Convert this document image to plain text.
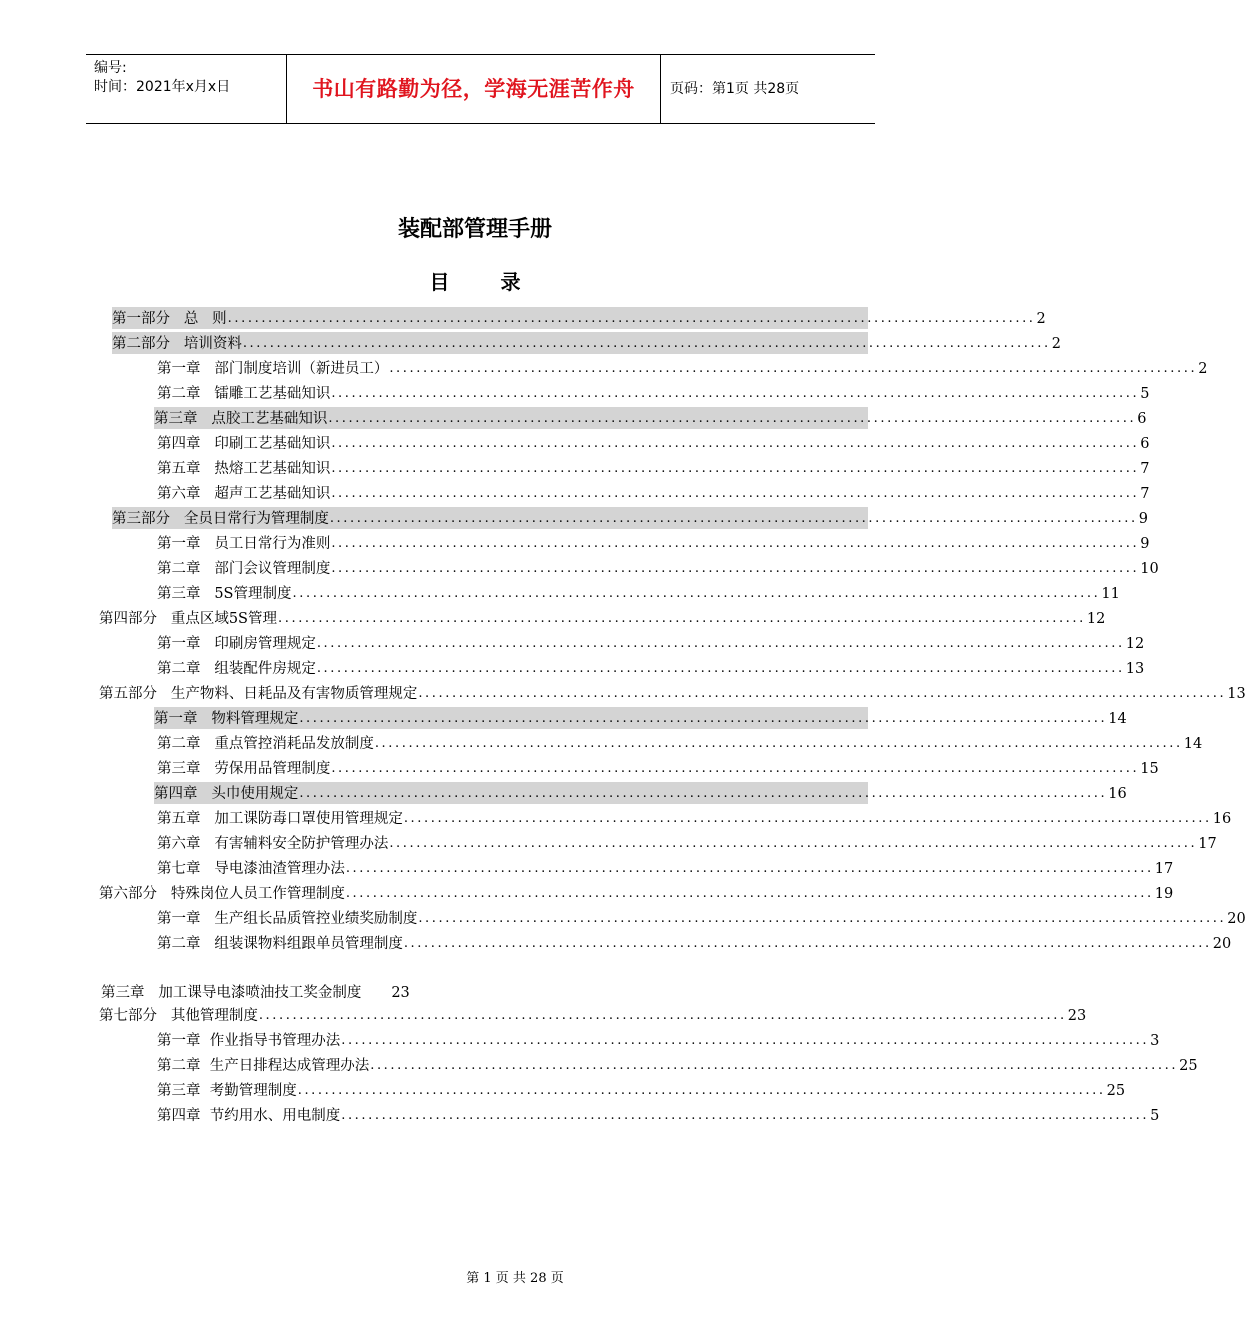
编号:
时间：2021年x月x日	书山有路勤为径，学海无涯苦作舟	页码：第1页 共28页
装配部管理手册
目 录
第一部分   总   则 ........................................................................................................................ 2
第二部分   培训资料 ........................................................................................................................ 2
第一章   部门制度培训（新进员工） ........................................................................................................................ 2
第二章   镭雕工艺基础知识 ........................................................................................................................ 5
第三章   点胶工艺基础知识 ........................................................................................................................ 6
第四章   印刷工艺基础知识 ........................................................................................................................ 6
第五章   热熔工艺基础知识 ........................................................................................................................ 7
第六章   超声工艺基础知识 ........................................................................................................................ 7
第三部分   全员日常行为管理制度 ........................................................................................................................ 9
第一章   员工日常行为准则 ........................................................................................................................ 9
第二章   部门会议管理制度 ........................................................................................................................ 10
第三章   5S管理制度 ........................................................................................................................ 11
第四部分   重点区域5S管理 ........................................................................................................................ 12
第一章   印刷房管理规定 ........................................................................................................................ 12
第二章   组装配件房规定 ........................................................................................................................ 13
第五部分   生产物料、日耗品及有害物质管理规定 ........................................................................................................................ 13
第一章   物料管理规定 ........................................................................................................................ 14
第二章   重点管控消耗品发放制度 ........................................................................................................................ 14
第三章   劳保用品管理制度 ........................................................................................................................ 15
第四章   头巾使用规定 ........................................................................................................................ 16
第五章   加工课防毒口罩使用管理规定 ........................................................................................................................ 16
第六章   有害辅料安全防护管理办法 ........................................................................................................................ 17
第七章   导电漆油渣管理办法 ........................................................................................................................ 17
第六部分   特殊岗位人员工作管理制度 ........................................................................................................................ 19
第一章   生产组长品质管控业绩奖励制度 ........................................................................................................................ 20
第二章   组装课物料组跟单员管理制度 ........................................................................................................................ 20
第七部分   其他管理制度 ........................................................................................................................ 23
第一章  作业指导书管理办法 ........................................................................................................................ 3
第二章  生产日排程达成管理办法 ........................................................................................................................ 25
第三章  考勤管理制度 ........................................................................................................................ 25
第四章  节约用水、用电制度 ........................................................................................................................ 5
第三章   加工课导电漆喷油技工奖金制度 23
第 1 页 共 28 页
